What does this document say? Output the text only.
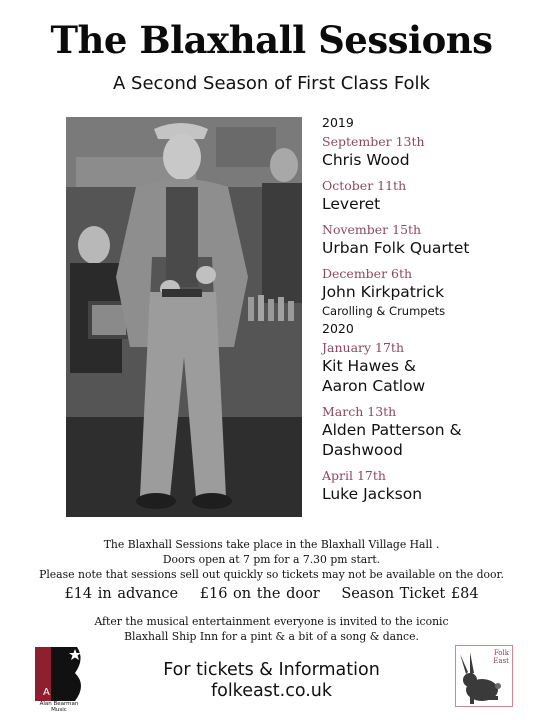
The Blaxhall Sessions
A Second Season of First Class Folk
2019
September 13th
Chris Wood
October 11th
Leveret
November 15th
Urban Folk Quartet
December 6th
John Kirkpatrick
Carolling & Crumpets
2020
January 17th
Kit Hawes &
Aaron Catlow
March 13th
Alden Patterson &
Dashwood
April 17th
Luke Jackson
The Blaxhall Sessions take place in the Blaxhall Village Hall .
Doors open at 7 pm for a 7.30 pm start.
Please note that sessions sell out quickly so tickets may not be available on the door.
£14 in advance £16 on the door Season Ticket £84
After the musical entertainment everyone is invited to the iconic
Blaxhall Ship Inn for a pint & a bit of a song & dance.
For tickets & Information
folkeast.co.uk
A
Alan Bearman Music
Folk
East
